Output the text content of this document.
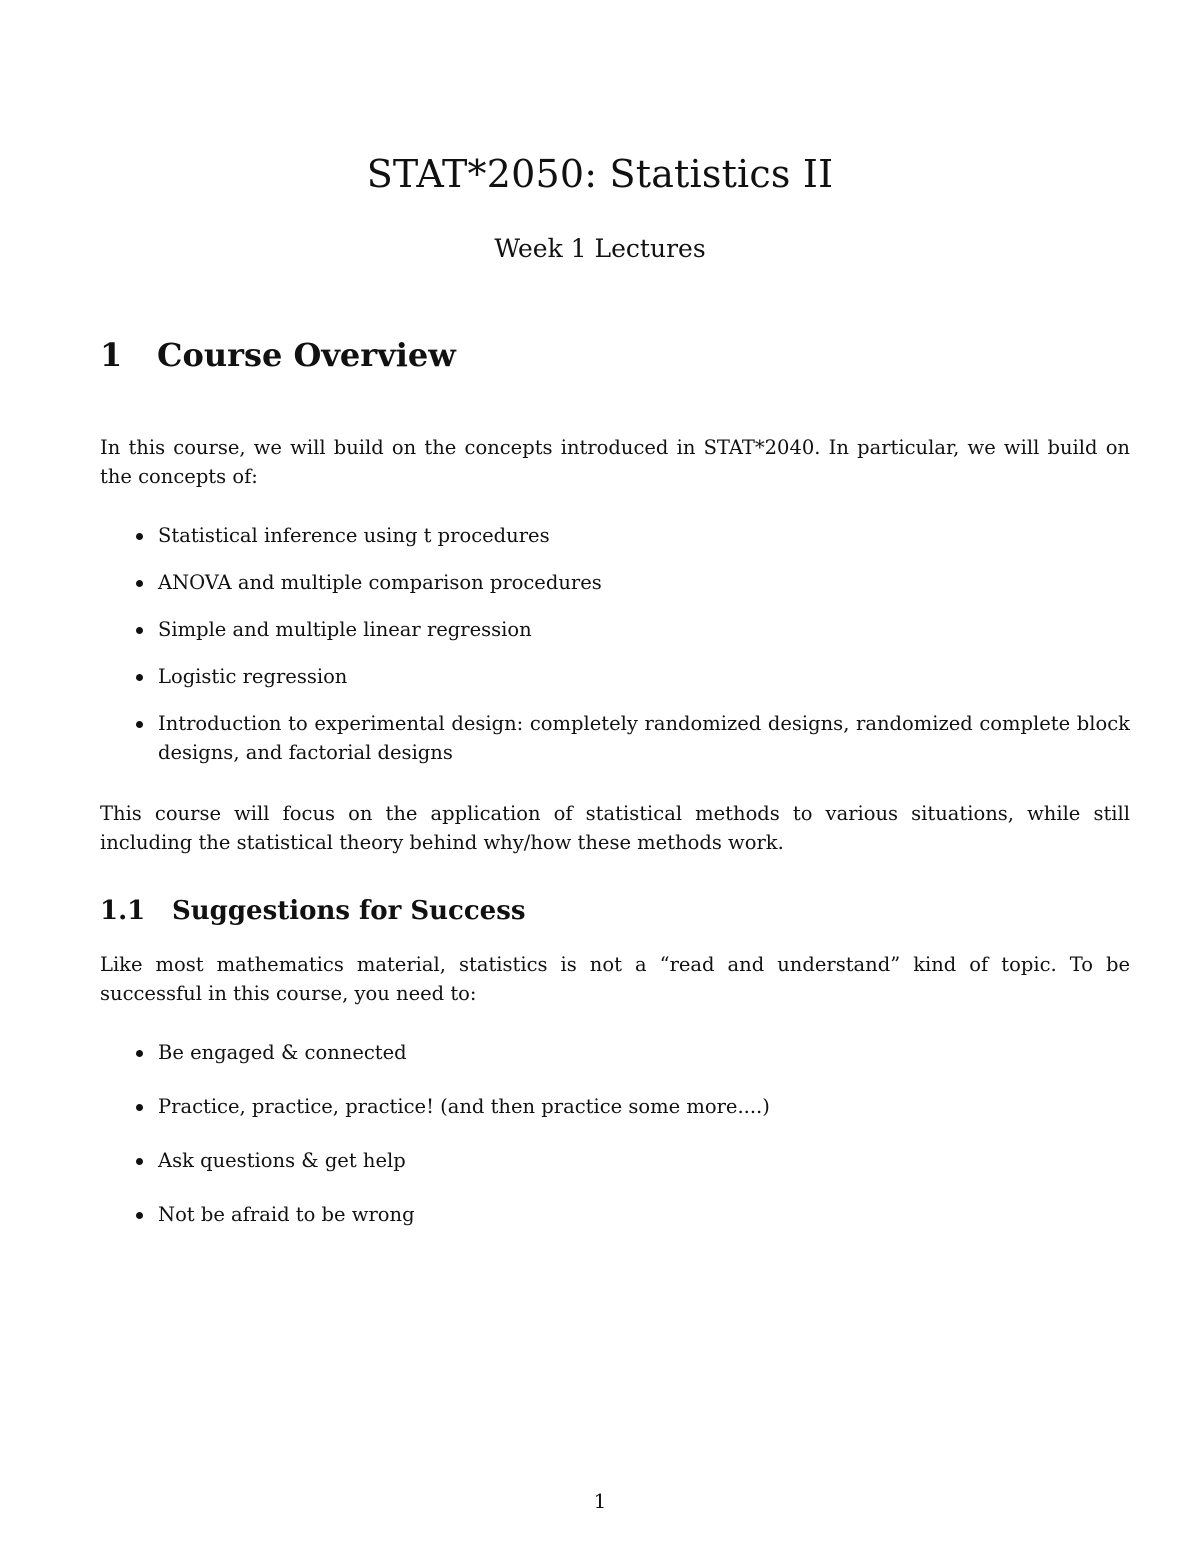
STAT*2050: Statistics II
Week 1 Lectures
1 Course Overview

In this course, we will build on the concepts introduced in STAT*2040. In particular, we will build on the concepts of:

Statistical inference using t procedures
ANOVA and multiple comparison procedures
Simple and multiple linear regression
Logistic regression
Introduction to experimental design: completely randomized designs, randomized complete block designs, and factorial designs

This course will focus on the application of statistical methods to various situations, while still including the statistical theory behind why/how these methods work.

1.1 Suggestions for Success

Like most mathematics material, statistics is not a “read and understand” kind of topic. To be successful in this course, you need to:

Be engaged & connected
Practice, practice, practice! (and then practice some more....)
Ask questions & get help
Not be afraid to be wrong
1
